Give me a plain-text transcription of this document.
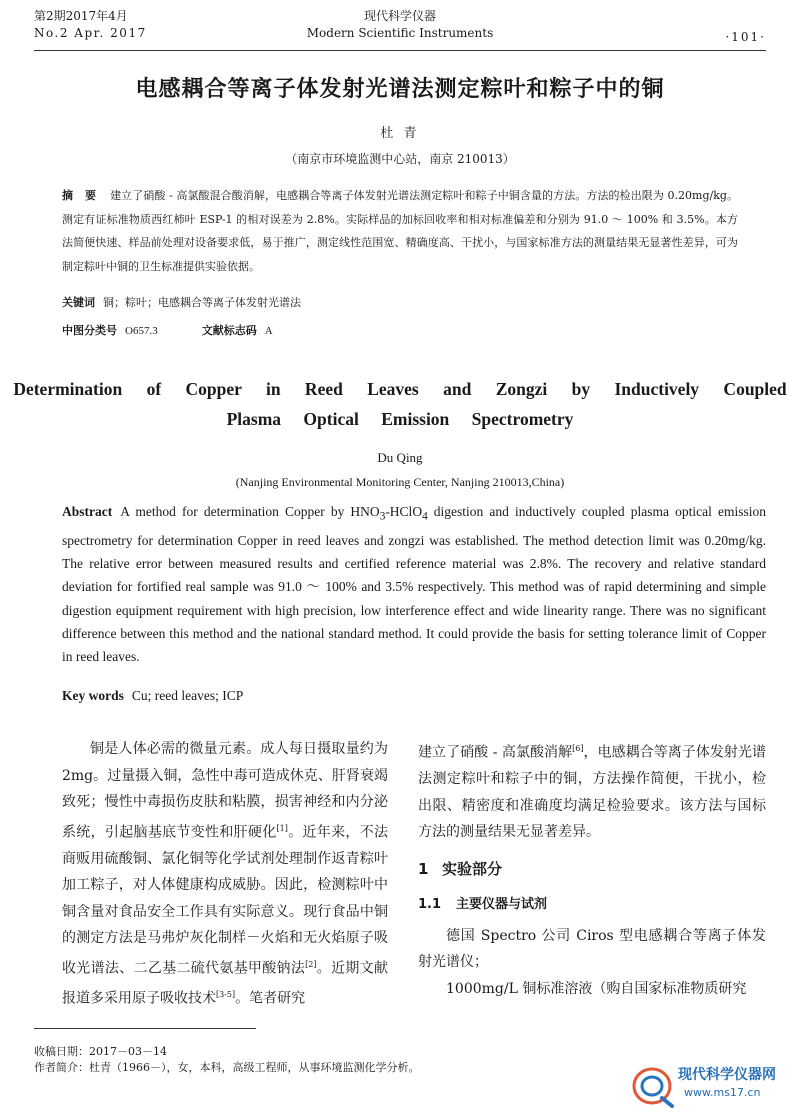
第2期2017年4月
No.2 Apr. 2017
现代科学仪器
Modern Scientific Instruments	·101·
电感耦合等离子体发射光谱法测定粽叶和粽子中的铜
杜 青
（南京市环境监测中心站，南京 210013）
摘 要 建立了硝酸 - 高氯酸混合酸消解，电感耦合等离子体发射光谱法测定粽叶和粽子中铜含量的方法。方法的检出限为 0.20mg/kg。测定有证标准物质西红柿叶 ESP-1 的相对误差为 2.8%。实际样品的加标回收率和相对标准偏差和分别为 91.0 ～ 100% 和 3.5%。本方法简便快速、样品前处理对设备要求低，易于推广，测定线性范围宽、精确度高、干扰小，与国家标准方法的测量结果无显著性差异，可为制定粽叶中铜的卫生标准提供实验依据。
关键词 铜；粽叶；电感耦合等离子体发射光谱法
中图分类号 O657.3	文献标志码 A
Determination of Copper in Reed Leaves and Zongzi by Inductively Coupled
Plasma Optical Emission Spectrometry
Du Qing
(Nanjing Environmental Monitoring Center, Nanjing 210013,China)
Abstract A method for determination Copper by $HNO_3-HClO_4$ digestion and inductively coupled plasma optical emission spectrometry for determination Copper in reed leaves and zongzi was established. The method detection limit was 0.20mg/kg. The relative error between measured results and certified reference material was 2.8%. The recovery and relative standard deviation for fortified real sample was 91.0 ～ 100% and 3.5% respectively. This method was of rapid determining and simple digestion equipment requirement with high precision, low interference effect and wide linearity range. There was no significant difference between this method and the national standard method. It could provide the basis for setting tolerance limit of Copper in reed leaves.
Key words Cu; reed leaves; ICP

铜是人体必需的微量元素。成人每日摄取量约为 2mg。过量摄入铜，急性中毒可造成休克、肝肾衰竭致死；慢性中毒损伤皮肤和粘膜，损害神经和内分泌系统，引起脑基底节变性和肝硬化[1]。近年来，不法商贩用硫酸铜、氯化铜等化学试剂处理制作返青粽叶加工粽子，对人体健康构成威胁。因此，检测粽叶中铜含量对食品安全工作具有实际意义。现行食品中铜的测定方法是马弗炉灰化制样－火焰和无火焰原子吸收光谱法、二乙基二硫代氨基甲酸钠法[2]。近期文献报道多采用原子吸收技术[3-5]。笔者研究

建立了硝酸 - 高氯酸消解[6]，电感耦合等离子体发射光谱法测定粽叶和粽子中的铜，方法操作简便，干扰小，检出限、精密度和准确度均满足检验要求。该方法与国标方法的测量结果无显著差异。

1 实验部分
1.1 主要仪器与试剂

德国 Spectro 公司 Ciros 型电感耦合等离子体发射光谱仪；

1000mg/L 铜标准溶液（购自国家标准物质研究

收稿日期：2017－03－14
作者简介：杜青（1966－），女，本科，高级工程师，从事环境监测化学分析。	现代科学仪器网
www.ms17.cn
